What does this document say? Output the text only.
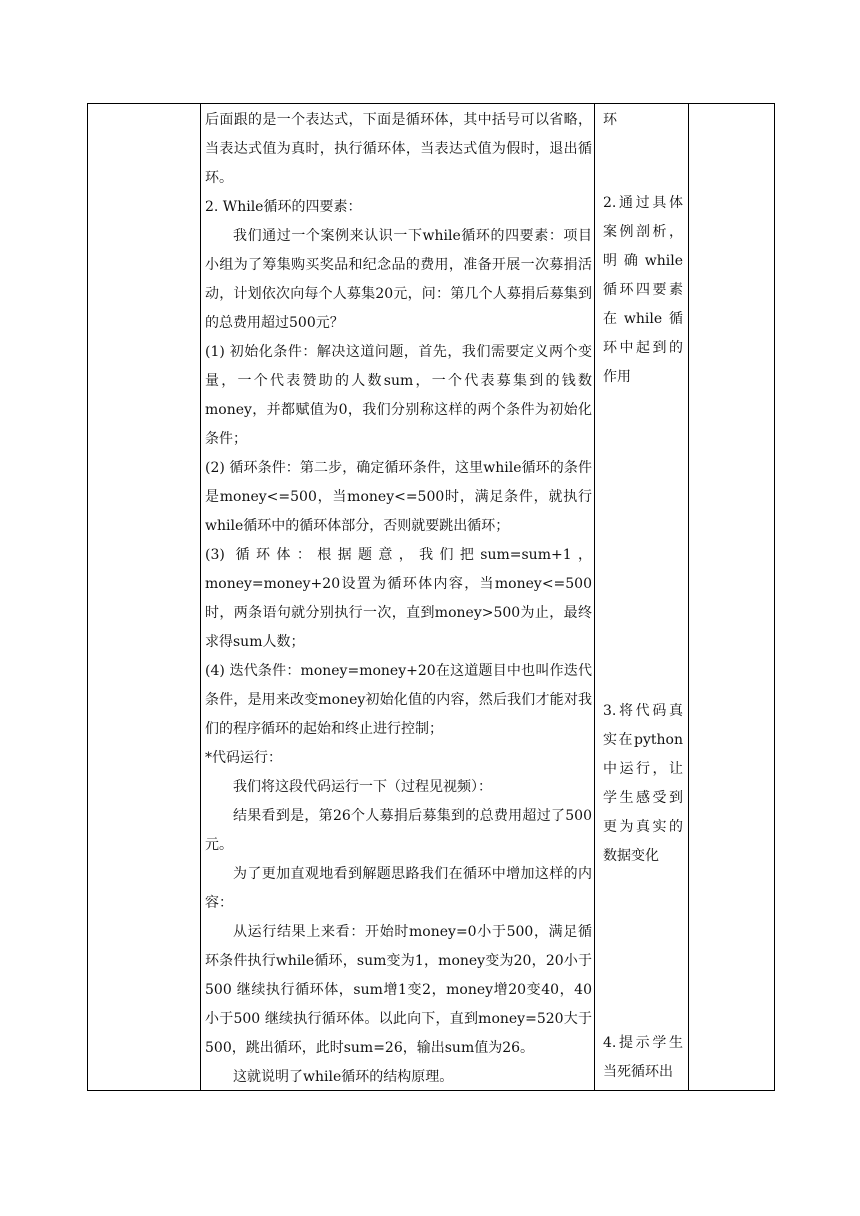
后面跟的是一个表达式，下面是循环体，其中括号可以省略，当表达式值为真时，执行循环体，当表达式值为假时，退出循环。

2. While循环的四要素：

我们通过一个案例来认识一下while循环的四要素：项目小组为了筹集购买奖品和纪念品的费用，准备开展一次募捐活动，计划依次向每个人募集20元，问：第几个人募捐后募集到的总费用超过500元？

(1) 初始化条件：解决这道问题，首先，我们需要定义两个变量，一个代表赞助的人数sum，一个代表募集到的钱数money，并都赋值为0，我们分别称这样的两个条件为初始化条件；

(2) 循环条件：第二步，确定循环条件，这里while循环的条件是money<=500，当money<=500时，满足条件，就执行while循环中的循环体部分，否则就要跳出循环；

(3) 循环体：根据题意，我们把sum=sum+1，money=money+20设置为循环体内容，当money<=500时，两条语句就分别执行一次，直到money>500为止，最终求得sum人数；

(4) 迭代条件：money=money+20在这道题目中也叫作迭代条件，是用来改变money初始化值的内容，然后我们才能对我们的程序循环的起始和终止进行控制；

*代码运行：

我们将这段代码运行一下（过程见视频）：

结果看到是，第26个人募捐后募集到的总费用超过了500元。

为了更加直观地看到解题思路我们在循环中增加这样的内容：

从运行结果上来看：开始时money=0小于500，满足循环条件执行while循环，sum变为1，money变为20，20小于500 继续执行循环体，sum增1变2，money增20变40，40小于500 继续执行循环体。以此向下，直到money=520大于500，跳出循环，此时sum=26，输出sum值为26。

这就说明了while循环的结构原理。

环

2.通过具体案例剖析，明确while循环四要素在while循环中起到的作用

3.将代码真实在python中运行，让学生感受到更为真实的数据变化

4.提示学生当死循环出
